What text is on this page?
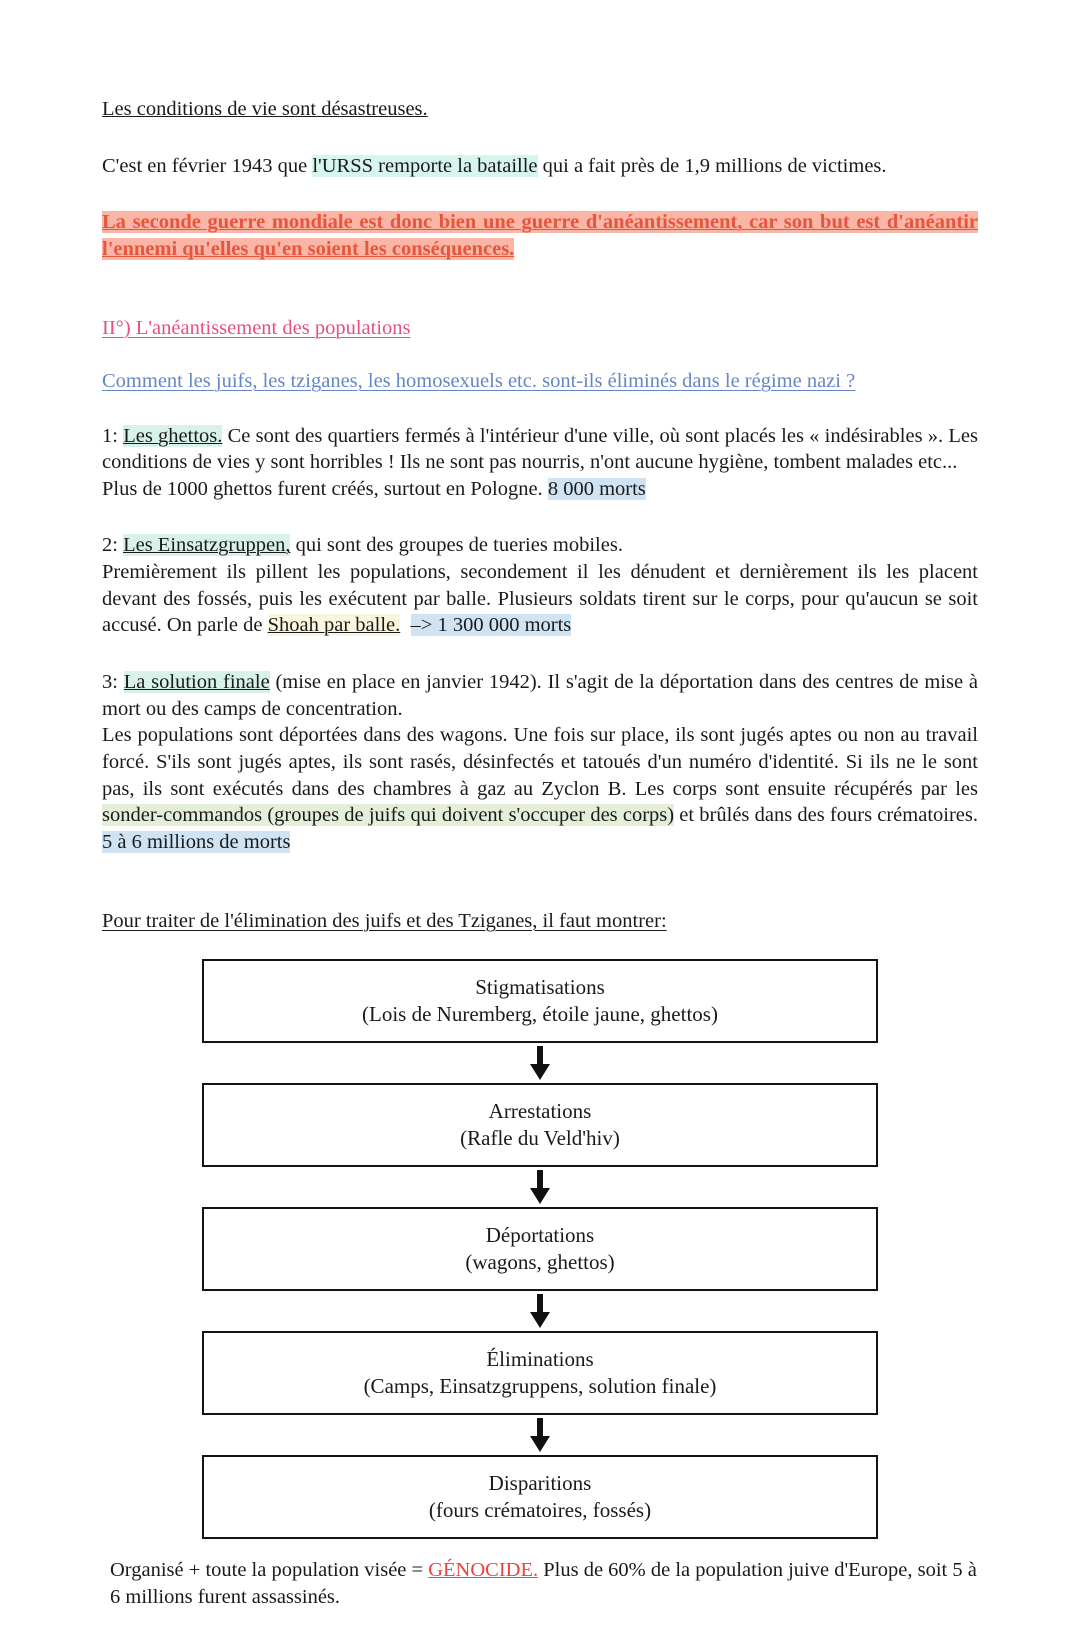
Les conditions de vie sont désastreuses.

C'est en février 1943 que l'URSS remporte la bataille qui a fait près de 1,9 millions de victimes.

La seconde guerre mondiale est donc bien une guerre d'anéantissement, car son but est d'anéantir l'ennemi qu'elles qu'en soient les conséquences.

II°) L'anéantissement des populations

Comment les juifs, les tziganes, les homosexuels etc. sont-ils éliminés dans le régime nazi ?

1: Les ghettos. Ce sont des quartiers fermés à l'intérieur d'une ville, où sont placés les « indésirables ». Les conditions de vies y sont horribles ! Ils ne sont pas nourris, n'ont aucune hygiène, tombent malades etc...

Plus de 1000 ghettos furent créés, surtout en Pologne. 8 000 morts

2: Les Einsatzgruppen, qui sont des groupes de tueries mobiles.

Premièrement ils pillent les populations, secondement il les dénudent et dernièrement ils les placent devant des fossés, puis les exécutent par balle. Plusieurs soldats tirent sur le corps, pour qu'aucun se soit accusé. On parle de Shoah par balle. –> 1 300 000 morts

3: La solution finale (mise en place en janvier 1942). Il s'agit de la déportation dans des centres de mise à mort ou des camps de concentration.

Les populations sont déportées dans des wagons. Une fois sur place, ils sont jugés aptes ou non au travail forcé. S'ils sont jugés aptes, ils sont rasés, désinfectés et tatoués d'un numéro d'identité. Si ils ne le sont pas, ils sont exécutés dans des chambres à gaz au Zyclon B. Les corps sont ensuite récupérés par les sonder-commandos (groupes de juifs qui doivent s'occuper des corps) et brûlés dans des fours crématoires. 5 à 6 millions de morts

Pour traiter de l'élimination des juifs et des Tziganes, il faut montrer:

Stigmatisations
(Lois de Nuremberg, étoile jaune, ghettos)
Arrestations
(Rafle du Veld'hiv)
Déportations
(wagons, ghettos)
Éliminations
(Camps, Einsatzgruppens, solution finale)
Disparitions
(fours crématoires, fossés)

Organisé + toute la population visée = GÉNOCIDE. Plus de 60% de la population juive d'Europe, soit 5 à 6 millions furent assassinés.
